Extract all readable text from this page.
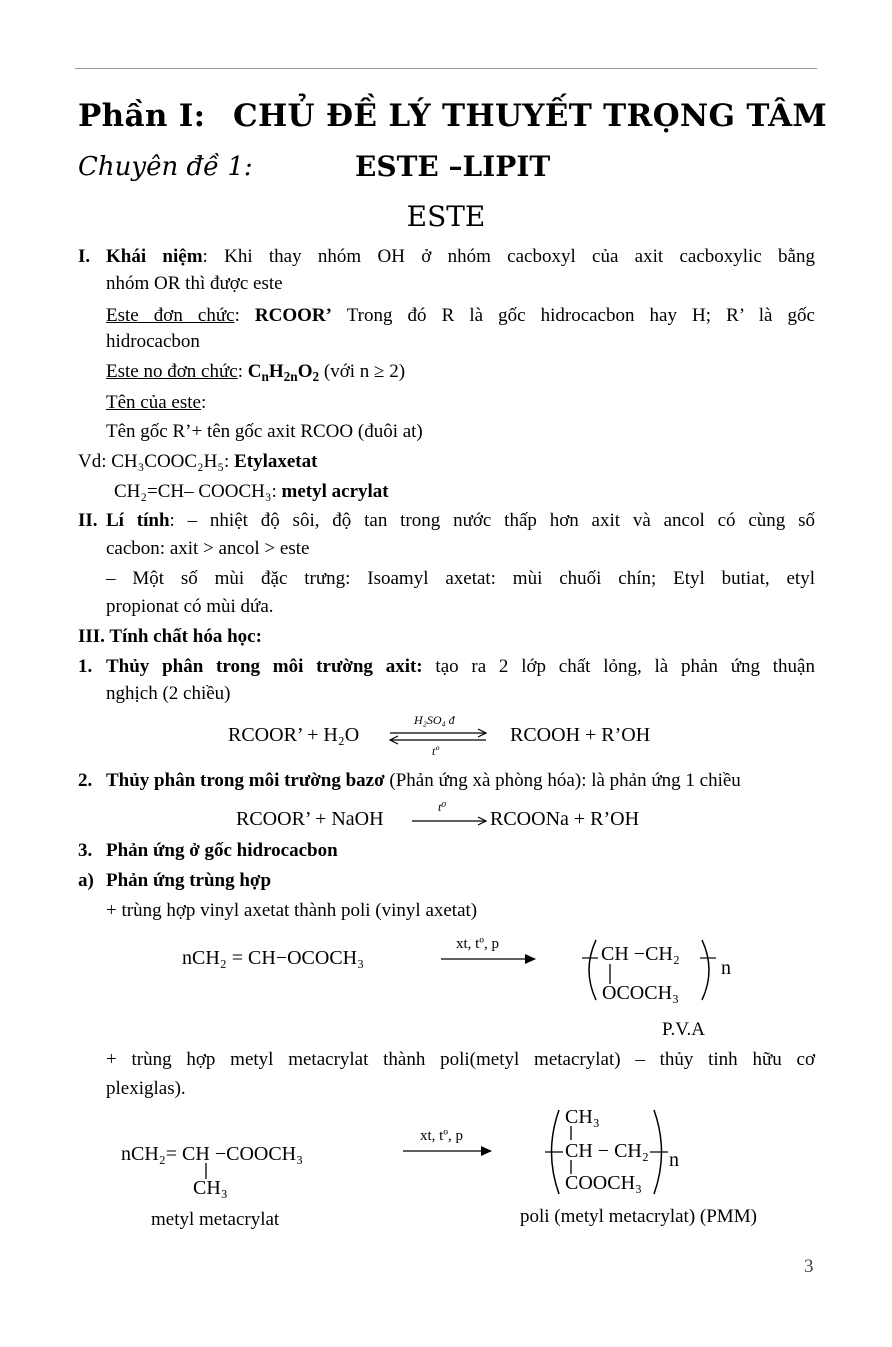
Phần I: CHỦ ĐỀ LÝ THUYẾT TRỌNG TÂM
Chuyên đề 1:	ESTE –LIPIT
ESTE
I. Khái niệm: Khi thay nhóm OH ở nhóm cacboxyl của axit cacboxylic bằng
nhóm OR thì được este
Este đơn chức: RCOOR’ Trong đó R là gốc hidrocacbon hay H; R’ là gốc
hidrocacbon
Este no đơn chức: $C_nH_{2n}O_2$ (với n ≥ 2)
Tên của este:
Tên gốc R’+ tên gốc axit RCOO (đuôi at)
Vd: CH₃COOC₂H₅: Etylaxetat
CH₂=CH– COOCH₃: metyl acrylat
II. Lí tính: – nhiệt độ sôi, độ tan trong nước thấp hơn axit và ancol có cùng số
cacbon: axit > ancol > este
– Một số mùi đặc trưng: Isoamyl axetat: mùi chuối chín; Etyl butiat, etyl
propionat có mùi dứa.
III. Tính chất hóa học:
1. Thủy phân trong môi trường axit: tạo ra 2 lớp chất lỏng, là phản ứng thuận
nghịch (2 chiều)
RCOOR’ + H₂O
H₂SO₄ đ
tº
RCOOH + R’OH
2. Thủy phân trong môi trường bazơ (Phản ứng xà phòng hóa): là phản ứng 1 chiều
RCOOR’ + NaOH
t⁰
RCOONa + R’OH
3. Phản ứng ở gốc hidrocacbon
a) Phản ứng trùng hợp
+ trùng hợp vinyl axetat thành poli (vinyl axetat)
nCH₂ = CH−OCOCH₃
xt, tº, p	CH −CH₂
OCOCH₃
n
P.V.A
+ trùng hợp metyl metacrylat thành poli(metyl metacrylat) – thủy tinh hữu cơ
plexiglas).
nCH₂= CH −COOCH₃
CH₃
xt, tº, p
CH₃
CH − CH₂
COOCH₃
n
metyl metacrylat	poli (metyl metacrylat) (PMM)
3
